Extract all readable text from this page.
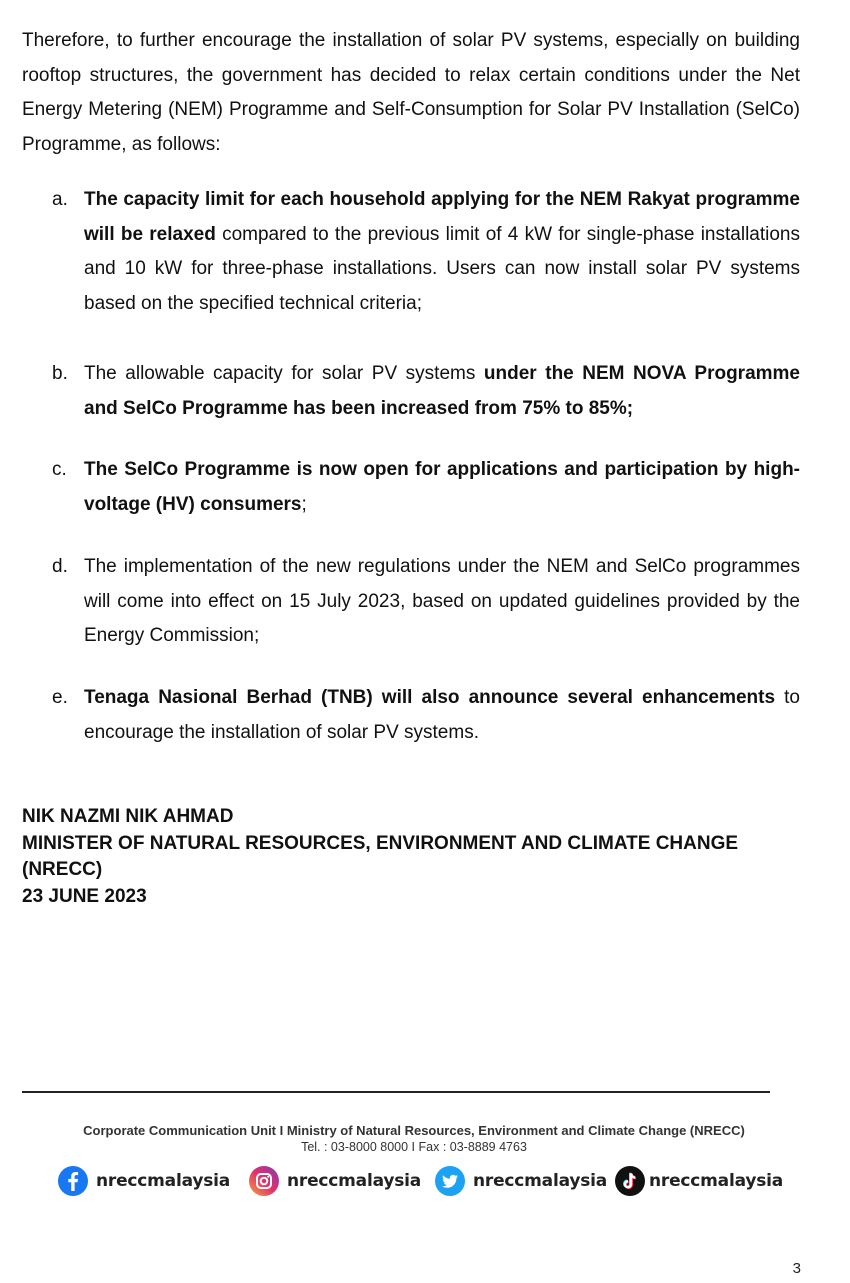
Therefore, to further encourage the installation of solar PV systems, especially on building rooftop structures, the government has decided to relax certain conditions under the Net Energy Metering (NEM) Programme and Self-Consumption for Solar PV Installation (SelCo) Programme, as follows:

a. The capacity limit for each household applying for the NEM Rakyat programme will be relaxed compared to the previous limit of 4 kW for single-phase installations and 10 kW for three-phase installations. Users can now install solar PV systems based on the specified technical criteria;
b. The allowable capacity for solar PV systems under the NEM NOVA Programme and SelCo Programme has been increased from 75% to 85%;
c. The SelCo Programme is now open for applications and participation by high-voltage (HV) consumers;
d. The implementation of the new regulations under the NEM and SelCo programmes will come into effect on 15 July 2023, based on updated guidelines provided by the Energy Commission;
e. Tenaga Nasional Berhad (TNB) will also announce several enhancements to encourage the installation of solar PV systems.
NIK NAZMI NIK AHMAD
MINISTER OF NATURAL RESOURCES, ENVIRONMENT AND CLIMATE CHANGE
(NRECC)
23 JUNE 2023
Corporate Communication Unit I Ministry of Natural Resources, Environment and Climate Change (NRECC)
Tel. : 03-8000 8000 I Fax : 03-8889 4763
nreccmalaysia	nreccmalaysia	nreccmalaysia nreccmalaysia
3
